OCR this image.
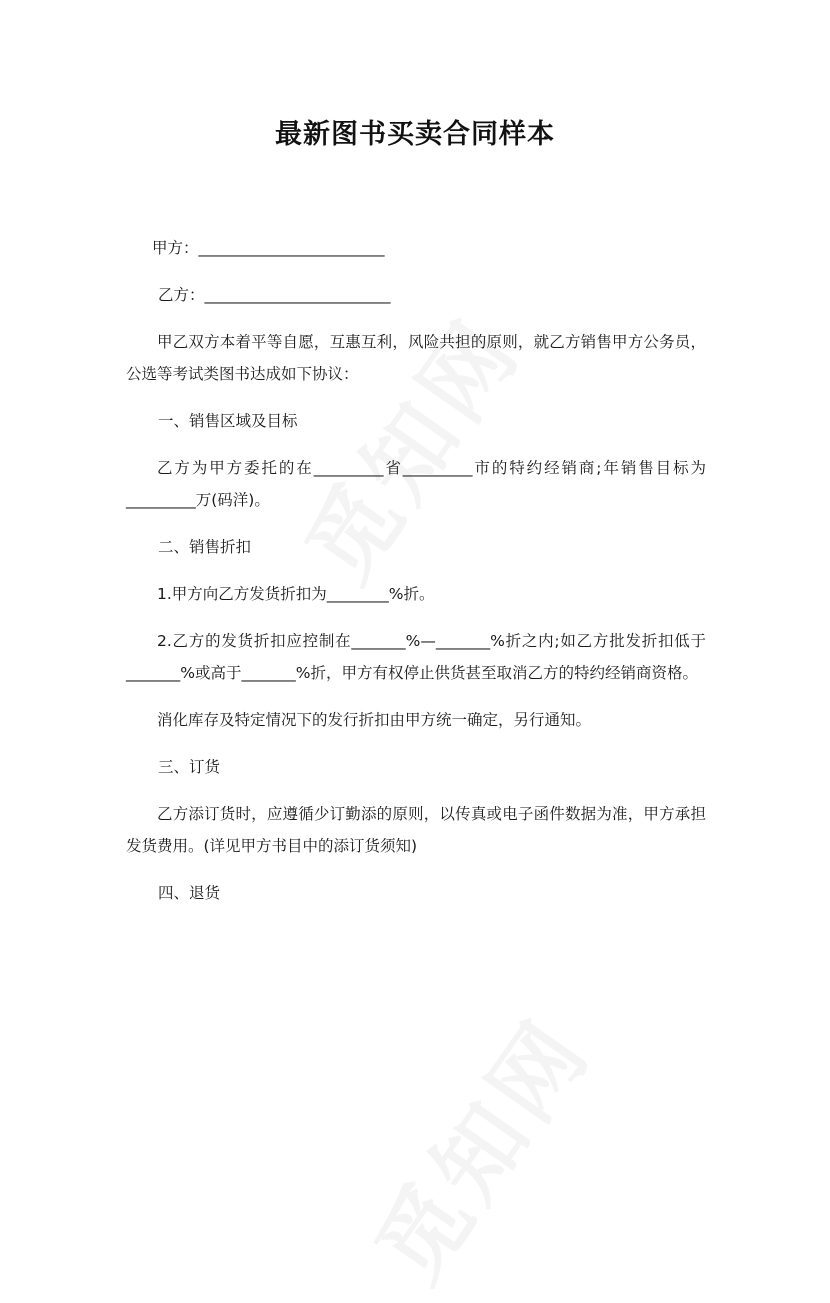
最新图书买卖合同样本

甲方：________________________

乙方：________________________

甲乙双方本着平等自愿，互惠互利，风险共担的原则，就乙方销售甲方公务员，公选等考试类图书达成如下协议：

一、销售区域及目标

乙方为甲方委托的在_________省_________市的特约经销商;年销售目标为_________万(码洋)。

二、销售折扣

1.甲方向乙方发货折扣为________%折。

2.乙方的发货折扣应控制在_______%—_______%折之内;如乙方批发折扣低于_______%或高于_______%折，甲方有权停止供货甚至取消乙方的特约经销商资格。

消化库存及特定情况下的发行折扣由甲方统一确定，另行通知。

三、订货

乙方添订货时，应遵循少订勤添的原则，以传真或电子函件数据为准，甲方承担发货费用。(详见甲方书目中的添订货须知)

四、退货
